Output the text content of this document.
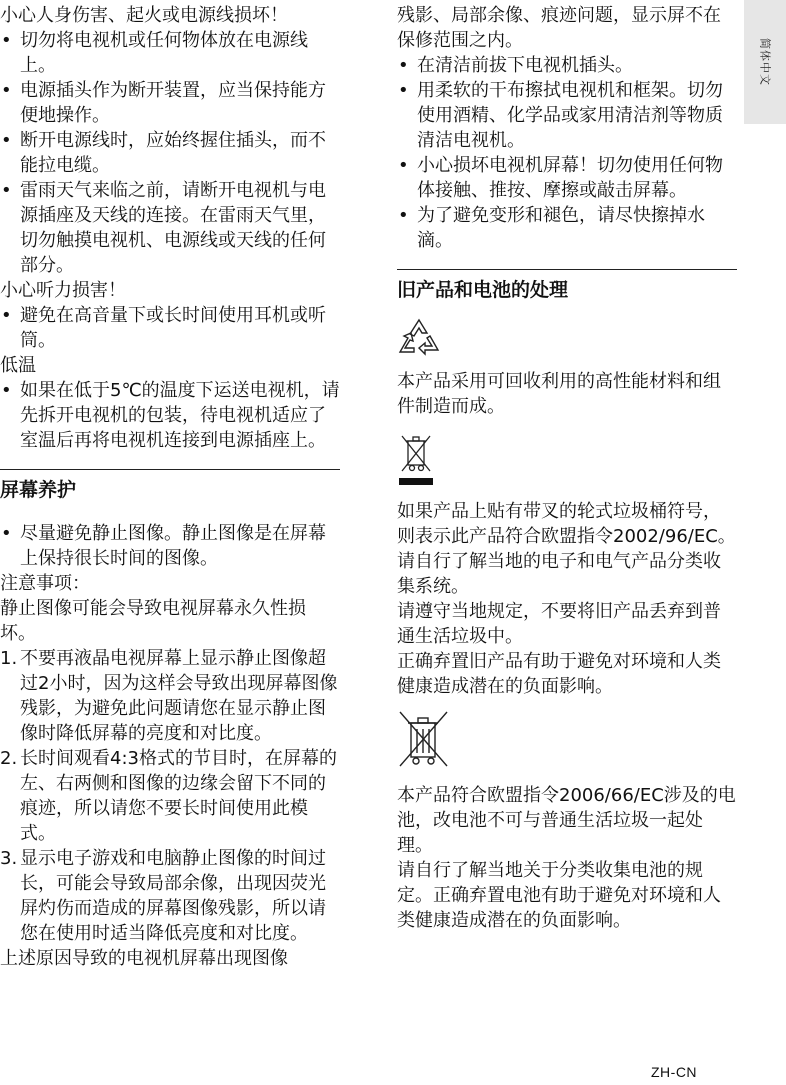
小心人身伤害、起火或电源线损坏！

• 切勿将电视机或任何物体放在电源线上。
• 电源插头作为断开装置，应当保持能方便地操作。
• 断开电源线时，应始终握住插头，而不能拉电缆。
• 雷雨天气来临之前，请断开电视机与电源插座及天线的连接。在雷雨天气里，切勿触摸电视机、电源线或天线的任何部分。

小心听力损害！

• 避免在高音量下或长时间使用耳机或听筒。

低温

• 如果在低于5℃的温度下运送电视机，请先拆开电视机的包装，待电视机适应了室温后再将电视机连接到电源插座上。
屏幕养护
• 尽量避免静止图像。静止图像是在屏幕上保持很长时间的图像。

注意事项：

静止图像可能会导致电视屏幕永久性损坏。

1. 不要再液晶电视屏幕上显示静止图像超过2小时，因为这样会导致出现屏幕图像残影，为避免此问题请您在显示静止图像时降低屏幕的亮度和对比度。
2. 长时间观看4:3格式的节目时，在屏幕的左、右两侧和图像的边缘会留下不同的痕迹，所以请您不要长时间使用此模式。
3. 显示电子游戏和电脑静止图像的时间过长，可能会导致局部余像，出现因荧光屏灼伤而造成的屏幕图像残影，所以请您在使用时适当降低亮度和对比度。

上述原因导致的电视机屏幕出现图像

残影、局部余像、痕迹问题，显示屏不在保修范围之内。

• 在清洁前拔下电视机插头。
• 用柔软的干布擦拭电视机和框架。切勿使用酒精、化学品或家用清洁剂等物质清洁电视机。
• 小心损坏电视机屏幕！切勿使用任何物体接触、推按、摩擦或敲击屏幕。
• 为了避免变形和褪色，请尽快擦掉水滴。
旧产品和电池的处理

本产品采用可回收利用的高性能材料和组件制造而成。

如果产品上贴有带叉的轮式垃圾桶符号，则表示此产品符合欧盟指令2002/96/EC。请自行了解当地的电子和电气产品分类收集系统。

请遵守当地规定，不要将旧产品丢弃到普通生活垃圾中。

正确弃置旧产品有助于避免对环境和人类健康造成潜在的负面影响。

本产品符合欧盟指令2006/66/EC涉及的电池，改电池不可与普通生活垃圾一起处理。

请自行了解当地关于分类收集电池的规定。正确弃置电池有助于避免对环境和人类健康造成潜在的负面影响。

简体中文
ZH-CN
